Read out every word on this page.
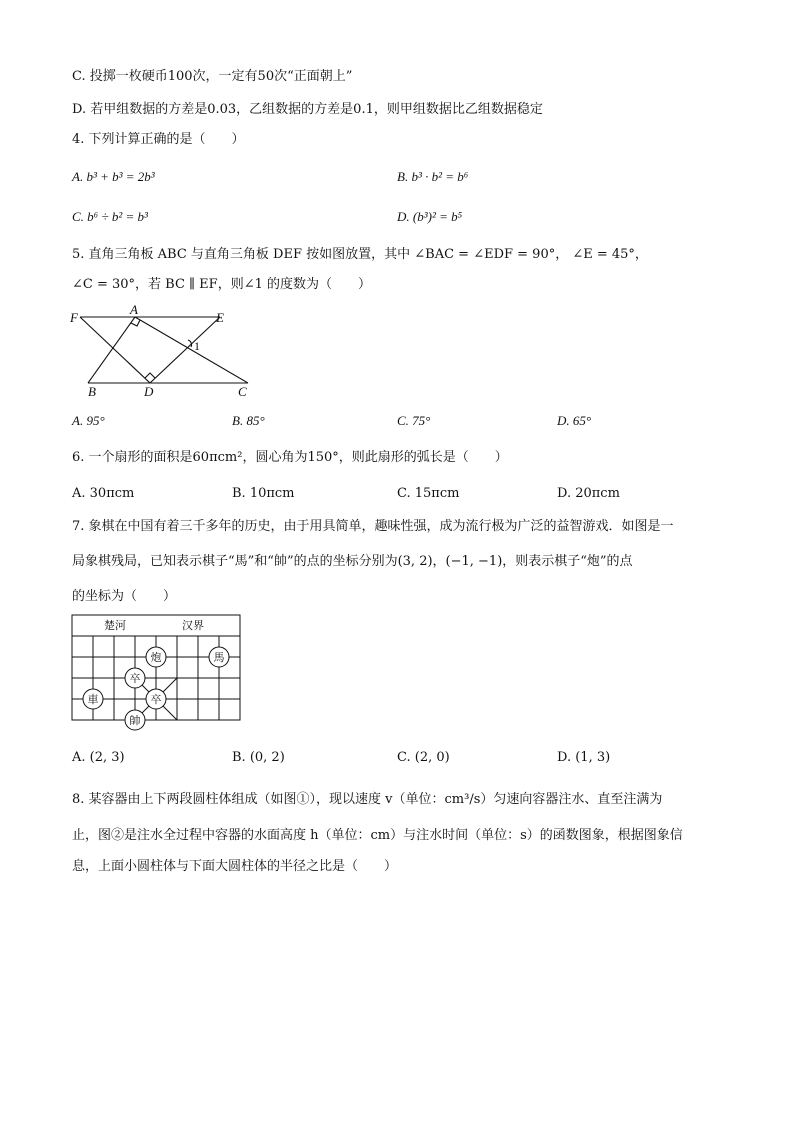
C. 投掷一枚硬币100次，一定有50次“正面朝上”
D. 若甲组数据的方差是0.03，乙组数据的方差是0.1，则甲组数据比乙组数据稳定
4. 下列计算正确的是（　　）
A. b³ + b³ = 2b³	B. b³ · b² = b⁶
C. b⁶ ÷ b² = b³	D. (b³)² = b⁵
5. 直角三角板 ABC 与直角三角板 DEF 按如图放置，其中 ∠BAC = ∠EDF = 90°， ∠E = 45°，
∠C = 30°，若 BC ∥ EF，则∠1 的度数为（　　）
F
A
E
B	D	C
1
A. 95°	B. 85°	C. 75°	D. 65°
6. 一个扇形的面积是60πcm²，圆心角为150°，则此扇形的弧长是（　　）
A. 30πcm	B. 10πcm	C. 15πcm	D. 20πcm
7. 象棋在中国有着三千多年的历史，由于用具简单，趣味性强，成为流行极为广泛的益智游戏．如图是一
局象棋残局，已知表示棋子“馬”和“帥”的点的坐标分别为(3, 2)，(−1, −1)，则表示棋子“炮”的点
的坐标为（　　）
楚河	汉界
炮	馬
卒
卒
車
帥
A. (2, 3)	B. (0, 2)	C. (2, 0)	D. (1, 3)
8. 某容器由上下两段圆柱体组成（如图①），现以速度 v（单位：cm³/s）匀速向容器注水、直至注满为
止，图②是注水全过程中容器的水面高度 h（单位：cm）与注水时间（单位：s）的函数图象，根据图象信
息，上面小圆柱体与下面大圆柱体的半径之比是（　　）
